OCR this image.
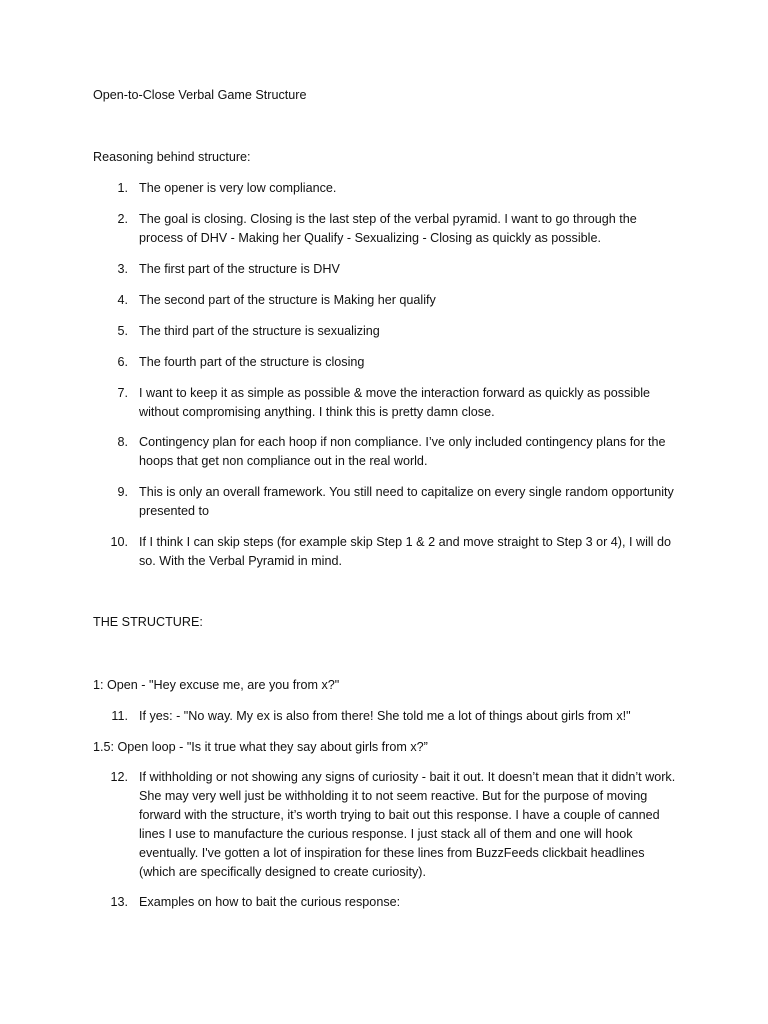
Open-to-Close Verbal Game Structure
Reasoning behind structure:
1. The opener is very low compliance.
2. The goal is closing. Closing is the last step of the verbal pyramid. I want to go through the process of DHV - Making her Qualify - Sexualizing - Closing as quickly as possible.
3. The first part of the structure is DHV
4. The second part of the structure is Making her qualify
5. The third part of the structure is sexualizing
6. The fourth part of the structure is closing
7. I want to keep it as simple as possible & move the interaction forward as quickly as possible without compromising anything. I think this is pretty damn close.
8. Contingency plan for each hoop if non compliance. I’ve only included contingency plans for the hoops that get non compliance out in the real world.
9. This is only an overall framework. You still need to capitalize on every single random opportunity presented to
10. If I think I can skip steps (for example skip Step 1 & 2 and move straight to Step 3 or 4), I will do so. With the Verbal Pyramid in mind.
THE STRUCTURE:
1: Open - "Hey excuse me, are you from x?"
11. If yes: - "No way. My ex is also from there! She told me a lot of things about girls from x!"
1.5: Open loop - "Is it true what they say about girls from x?”
12. If withholding or not showing any signs of curiosity - bait it out. It doesn’t mean that it didn’t work. She may very well just be withholding it to not seem reactive. But for the purpose of moving forward with the structure, it’s worth trying to bait out this response. I have a couple of canned lines I use to manufacture the curious response. I just stack all of them and one will hook eventually. I've gotten a lot of inspiration for these lines from BuzzFeeds clickbait headlines (which are specifically designed to create curiosity).
13. Examples on how to bait the curious response:
